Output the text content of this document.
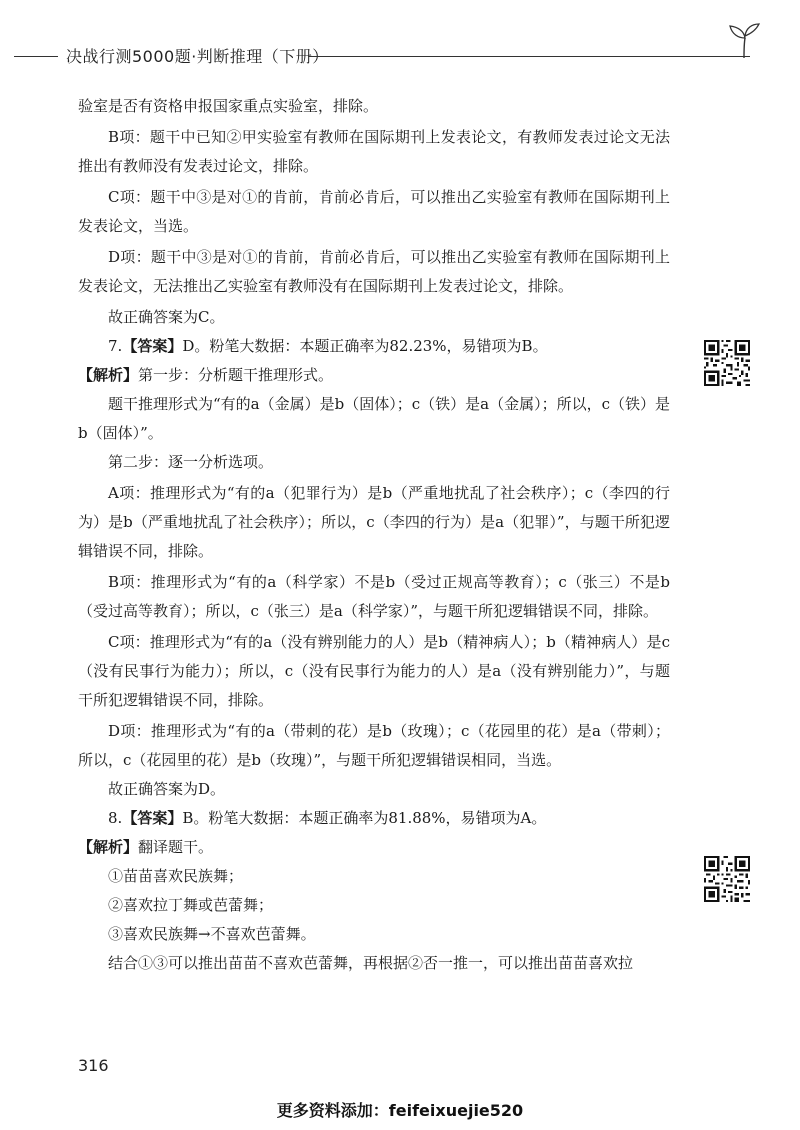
决战行测5000题·判断推理（下册）

验室是否有资格申报国家重点实验室，排除。

B项：题干中已知②甲实验室有教师在国际期刊上发表论文，有教师发表过论文无法推出有教师没有发表过论文，排除。

C项：题干中③是对①的肯前，肯前必肯后，可以推出乙实验室有教师在国际期刊上发表论文，当选。

D项：题干中③是对①的肯前，肯前必肯后，可以推出乙实验室有教师在国际期刊上发表论文，无法推出乙实验室有教师没有在国际期刊上发表过论文，排除。

故正确答案为C。

7.【答案】D。粉笔大数据：本题正确率为82.23%，易错项为B。

【解析】第一步：分析题干推理形式。

题干推理形式为“有的a（金属）是b（固体）；c（铁）是a（金属）；所以，c（铁）是b（固体）”。

第二步：逐一分析选项。

A项：推理形式为“有的a（犯罪行为）是b（严重地扰乱了社会秩序）；c（李四的行为）是b（严重地扰乱了社会秩序）；所以，c（李四的行为）是a（犯罪）”，与题干所犯逻辑错误不同，排除。

B项：推理形式为“有的a（科学家）不是b（受过正规高等教育）；c（张三）不是b（受过高等教育）；所以，c（张三）是a（科学家）”，与题干所犯逻辑错误不同，排除。

C项：推理形式为“有的a（没有辨别能力的人）是b（精神病人）；b（精神病人）是c（没有民事行为能力）；所以，c（没有民事行为能力的人）是a（没有辨别能力）”，与题干所犯逻辑错误不同，排除。

D项：推理形式为“有的a（带刺的花）是b（玫瑰）；c（花园里的花）是a（带刺）；所以，c（花园里的花）是b（玫瑰）”，与题干所犯逻辑错误相同，当选。

故正确答案为D。

8.【答案】B。粉笔大数据：本题正确率为81.88%，易错项为A。

【解析】翻译题干。

①苗苗喜欢民族舞；

②喜欢拉丁舞或芭蕾舞；

③喜欢民族舞→不喜欢芭蕾舞。

结合①③可以推出苗苗不喜欢芭蕾舞，再根据②否一推一，可以推出苗苗喜欢拉

316
更多资料添加：feifeixuejie520
